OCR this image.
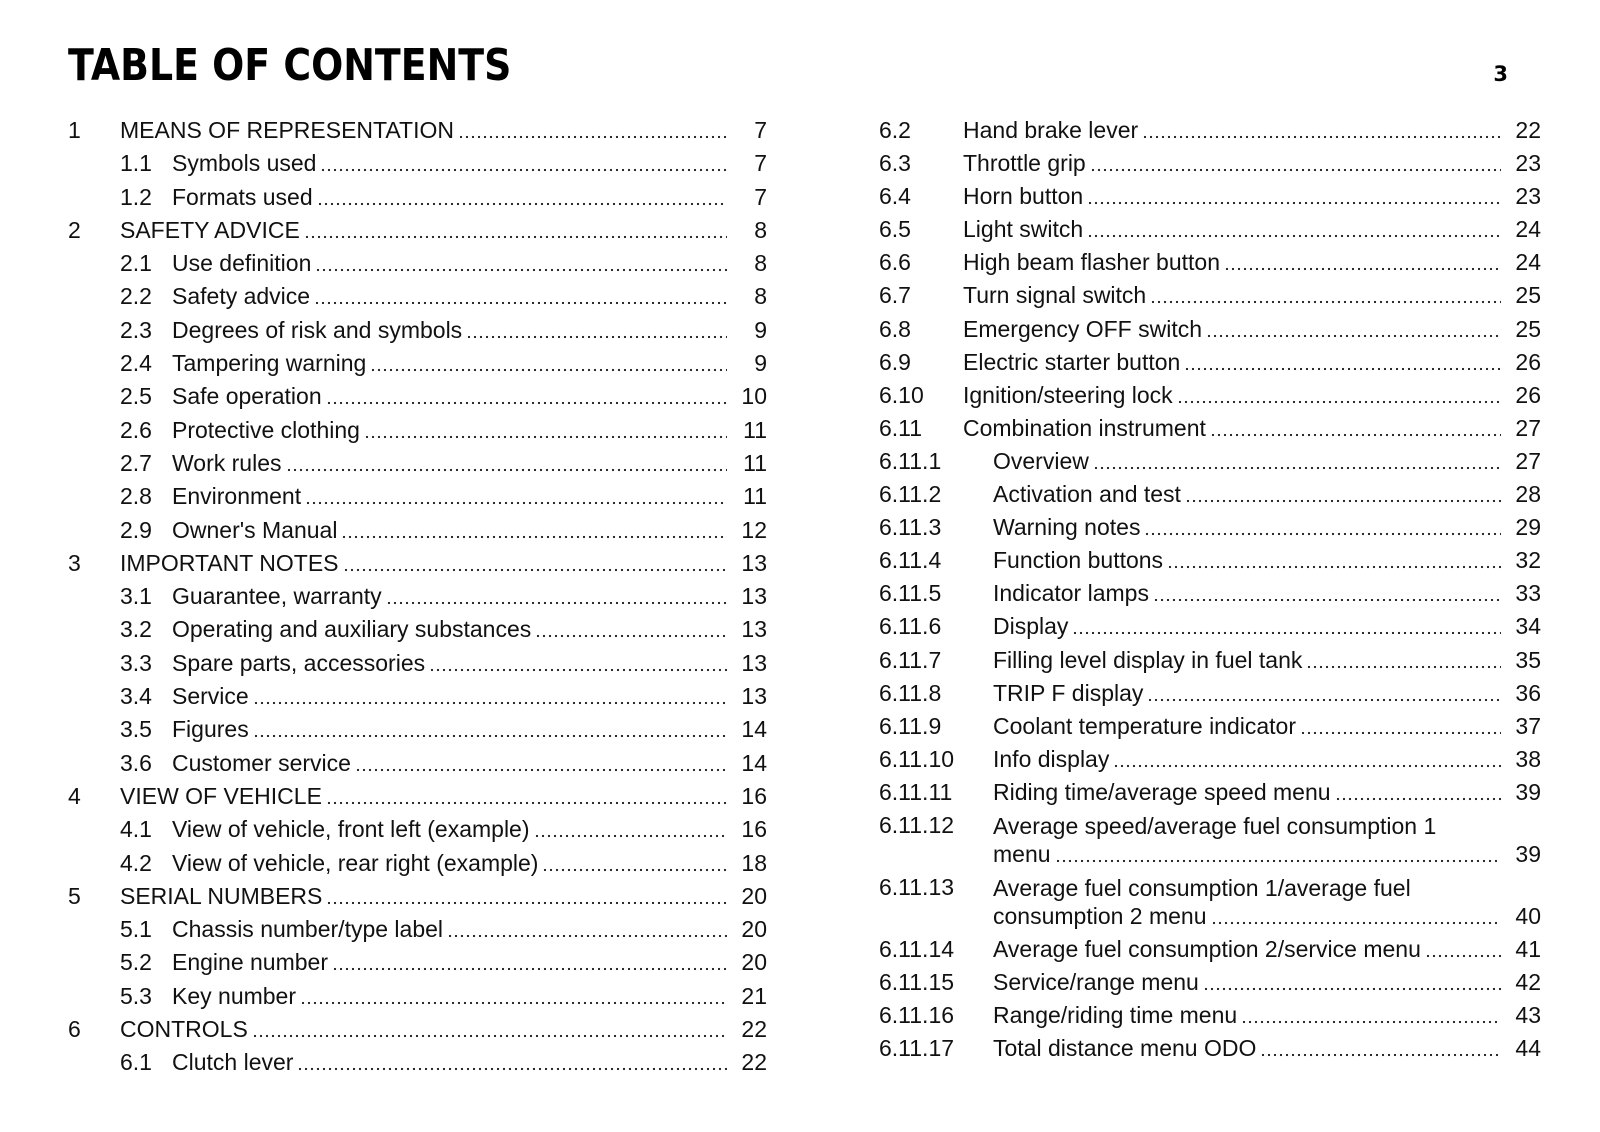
TABLE OF CONTENTS	3
1	MEANS OF REPRESENTATION	7
1.1 Symbols used	7
1.2 Formats used	7
2	SAFETY ADVICE	8
2.1 Use definition	8
2.2 Safety advice	8
2.3 Degrees of risk and symbols	9
2.4 Tampering warning	9
2.5 Safe operation	10
2.6 Protective clothing	11
2.7 Work rules	11
2.8 Environment	11
2.9 Owner's Manual	12
3	IMPORTANT NOTES	13
3.1 Guarantee, warranty	13
3.2 Operating and auxiliary substances	13
3.3 Spare parts, accessories	13
3.4 Service	13
3.5 Figures	14
3.6 Customer service	14
4	VIEW OF VEHICLE	16
4.1 View of vehicle, front left (example)	16
4.2 View of vehicle, rear right (example)	18
5	SERIAL NUMBERS	20
5.1 Chassis number/type label	20
5.2 Engine number	20
5.3 Key number	21
6	CONTROLS	22
6.1 Clutch lever	22
6.2	Hand brake lever	22
6.3	Throttle grip	23
6.4	Horn button	23
6.5	Light switch	24
6.6	High beam flasher button	24
6.7	Turn signal switch	25
6.8	Emergency OFF switch	25
6.9	Electric starter button	26
6.10	Ignition/steering lock	26
6.11	Combination instrument	27
6.11.1	Overview	27
6.11.2	Activation and test	28
6.11.3	Warning notes	29
6.11.4	Function buttons	32
6.11.5	Indicator lamps	33
6.11.6	Display	34
6.11.7	Filling level display in fuel tank	35
6.11.8	TRIP F display	36
6.11.9	Coolant temperature indicator	37
6.11.10	Info display	38
6.11.11	Riding time/average speed menu	39
6.11.12	Average speed/average fuel consumption 1
menu	39
6.11.13	Average fuel consumption 1/average fuel
consumption 2 menu	40
6.11.14	Average fuel consumption 2/service menu	41
6.11.15	Service/range menu	42
6.11.16	Range/riding time menu	43
6.11.17	Total distance menu ODO	44
